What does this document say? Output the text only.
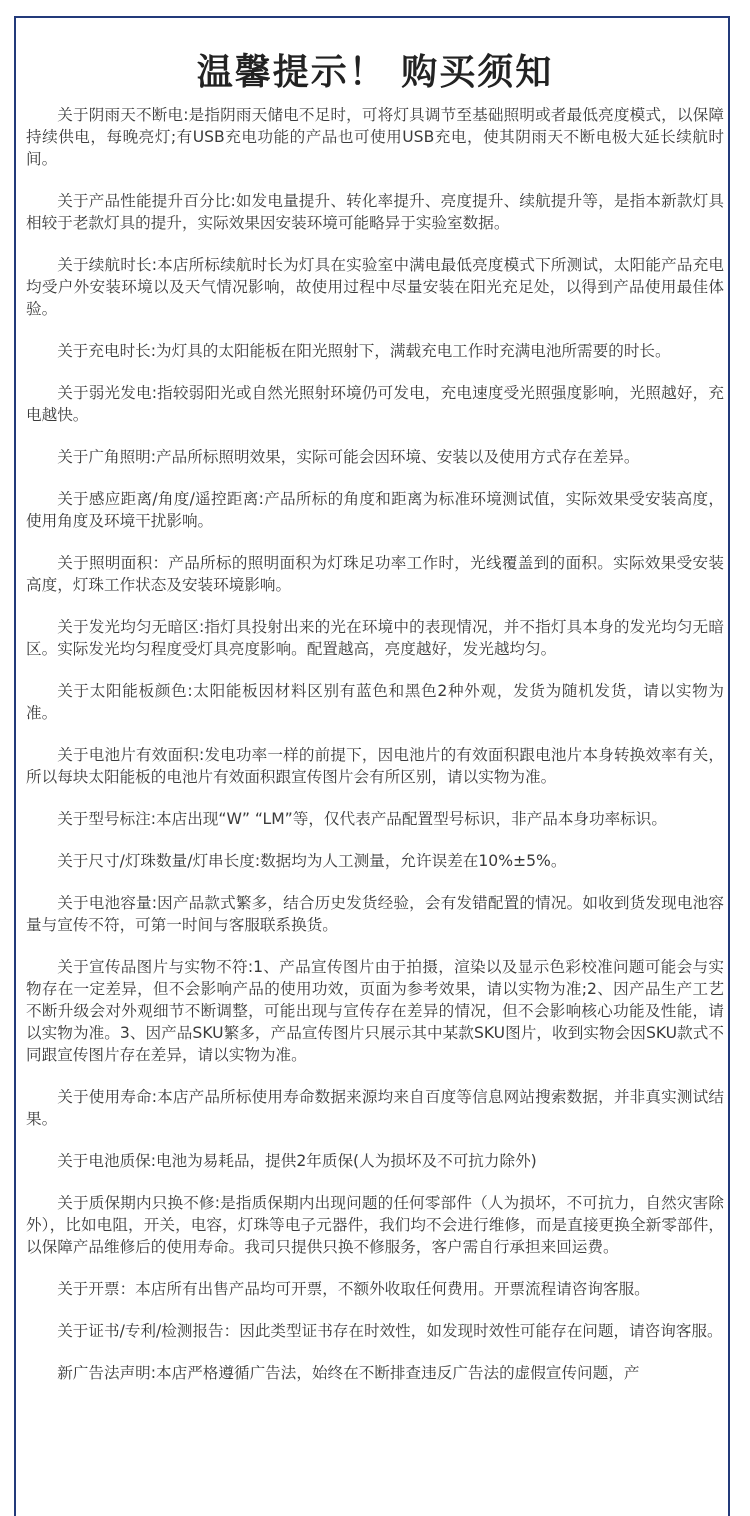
温馨提示！ 购买须知

关于阴雨天不断电:是指阴雨天储电不足时，可将灯具调节至基础照明或者最低亮度模式，以保障持续供电，每晚亮灯;有USB充电功能的产品也可使用USB充电，使其阴雨天不断电极大延长续航时间。

关于产品性能提升百分比:如发电量提升、转化率提升、亮度提升、续航提升等，是指本新款灯具相较于老款灯具的提升，实际效果因安装环境可能略异于实验室数据。

关于续航时长:本店所标续航时长为灯具在实验室中满电最低亮度模式下所测试，太阳能产品充电均受户外安装环境以及天气情况影响，故使用过程中尽量安装在阳光充足处，以得到产品使用最佳体验。

关于充电时长:为灯具的太阳能板在阳光照射下，满载充电工作时充满电池所需要的时长。

关于弱光发电:指较弱阳光或自然光照射环境仍可发电，充电速度受光照强度影响，光照越好，充电越快。

关于广角照明:产品所标照明效果，实际可能会因环境、安装以及使用方式存在差异。

关于感应距离/角度/遥控距离:产品所标的角度和距离为标准环境测试值，实际效果受安装高度，使用角度及环境干扰影响。

关于照明面积：产品所标的照明面积为灯珠足功率工作时，光线覆盖到的面积。实际效果受安装高度，灯珠工作状态及安装环境影响。

关于发光均匀无暗区:指灯具投射出来的光在环境中的表现情况，并不指灯具本身的发光均匀无暗区。实际发光均匀程度受灯具亮度影响。配置越高，亮度越好，发光越均匀。

关于太阳能板颜色:太阳能板因材料区别有蓝色和黑色2种外观，发货为随机发货，请以实物为准。

关于电池片有效面积:发电功率一样的前提下，因电池片的有效面积跟电池片本身转换效率有关，所以每块太阳能板的电池片有效面积跟宣传图片会有所区别，请以实物为准。

关于型号标注:本店出现“W” “LM”等，仅代表产品配置型号标识，非产品本身功率标识。

关于尺寸/灯珠数量/灯串长度:数据均为人工测量，允许误差在10%±5%。

关于电池容量:因产品款式繁多，结合历史发货经验，会有发错配置的情况。如收到货发现电池容量与宣传不符，可第一时间与客服联系换货。

关于宣传品图片与实物不符:1、产品宣传图片由于拍摄，渲染以及显示色彩校准问题可能会与实物存在一定差异，但不会影响产品的使用功效，页面为参考效果，请以实物为准;2、因产品生产工艺不断升级会对外观细节不断调整，可能出现与宣传存在差异的情况，但不会影响核心功能及性能，请以实物为准。3、因产品SKU繁多，产品宣传图片只展示其中某款SKU图片，收到实物会因SKU款式不同跟宣传图片存在差异，请以实物为准。

关于使用寿命:本店产品所标使用寿命数据来源均来自百度等信息网站搜索数据，并非真实测试结果。

关于电池质保:电池为易耗品，提供2年质保(人为损坏及不可抗力除外)

关于质保期内只换不修:是指质保期内出现问题的任何零部件（人为损坏，不可抗力，自然灾害除外），比如电阻，开关，电容，灯珠等电子元器件，我们均不会进行维修，而是直接更换全新零部件，以保障产品维修后的使用寿命。我司只提供只换不修服务，客户需自行承担来回运费。

关于开票：本店所有出售产品均可开票，不额外收取任何费用。开票流程请咨询客服。

关于证书/专利/检测报告：因此类型证书存在时效性，如发现时效性可能存在问题，请咨询客服。

新广告法声明:本店严格遵循广告法，始终在不断排查违反广告法的虚假宣传问题，产
